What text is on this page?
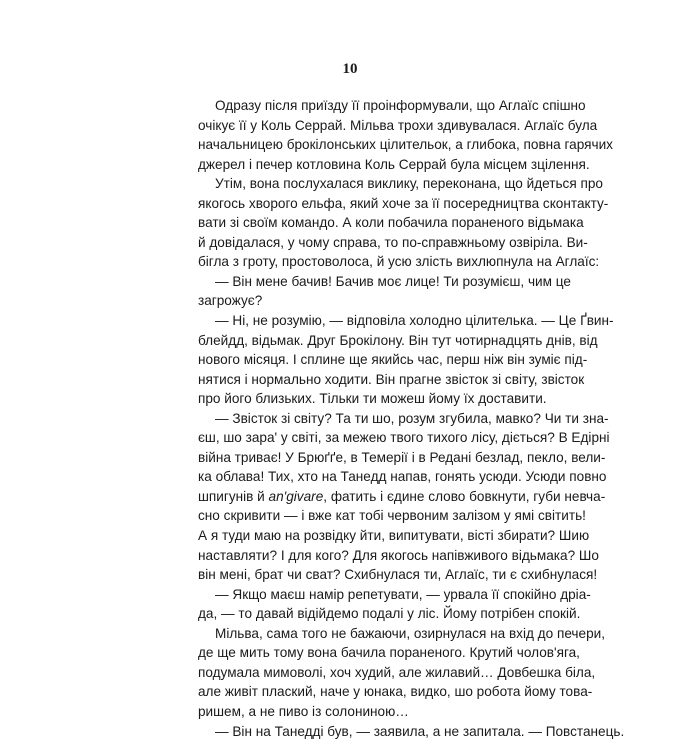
10
Одразу після приїзду її проінформували, що Аглаїс спішно
очікує її у Коль Серрай. Мільва трохи здивувалася. Аглаїс була
начальницею брокілонських цілительок, а глибока, повна гарячих
джерел і печер котловина Коль Серрай була місцем зцілення.
Утім, вона послухалася виклику, переконана, що йдеться про
якогось хворого ельфа, який хоче за її посередництва сконтакту-
вати зі своїм командо. А коли побачила пораненого відьмака
й довідалася, у чому справа, то по-справжньому озвіріла. Ви-
бігла з гроту, простоволоса, й усю злість вихлюпнула на Аглаїс:
— Він мене бачив! Бачив моє лице! Ти розумієш, чим це
загрожує?
— Ні, не розумію, — відповіла холодно цілителька. — Це Ґвин-
блейдд, відьмак. Друг Брокілону. Він тут чотирнадцять днів, від
нового місяця. І сплине ще якийсь час, перш ніж він зуміє під-
нятися і нормально ходити. Він прагне звісток зі світу, звісток
про його близьких. Тільки ти можеш йому їх доставити.
— Звісток зі світу? Та ти шо, розум згубила, мавко? Чи ти зна-
єш, шо зара' у світі, за межею твого тихого лісу, діється? В Едірні
війна триває! У Брюґґе, в Темерії і в Редані безлад, пекло, вели-
ка облава! Тих, хто на Танедд напав, гонять усюди. Усюди повно
шпигунів й an'givare, фатить і єдине слово бовкнути, губи невча-
сно скривити — і вже кат тобі червоним залізом у ямі світить!
А я туди маю на розвідку йти, випитувати, вісті збирати? Шию
наставляти? І для кого? Для якогось напівживого відьмака? Шо
він мені, брат чи сват? Схибнулася ти, Аглаїс, ти є схибнулася!
— Якщо маєш намір репетувати, — урвала її спокійно дріа-
да, — то давай відійдемо подалі у ліс. Йому потрібен спокій.
Мільва, сама того не бажаючи, озирнулася на вхід до печери,
де ще мить тому вона бачила пораненого. Крутий чолов'яга,
подумала мимоволі, хоч худий, але жилавий… Довбешка біла,
але живіт плаский, наче у юнака, видко, шо робота йому това-
ришем, а не пиво із солониною…
— Він на Танедді був, — заявила, а не запитала. — Повстанець.
